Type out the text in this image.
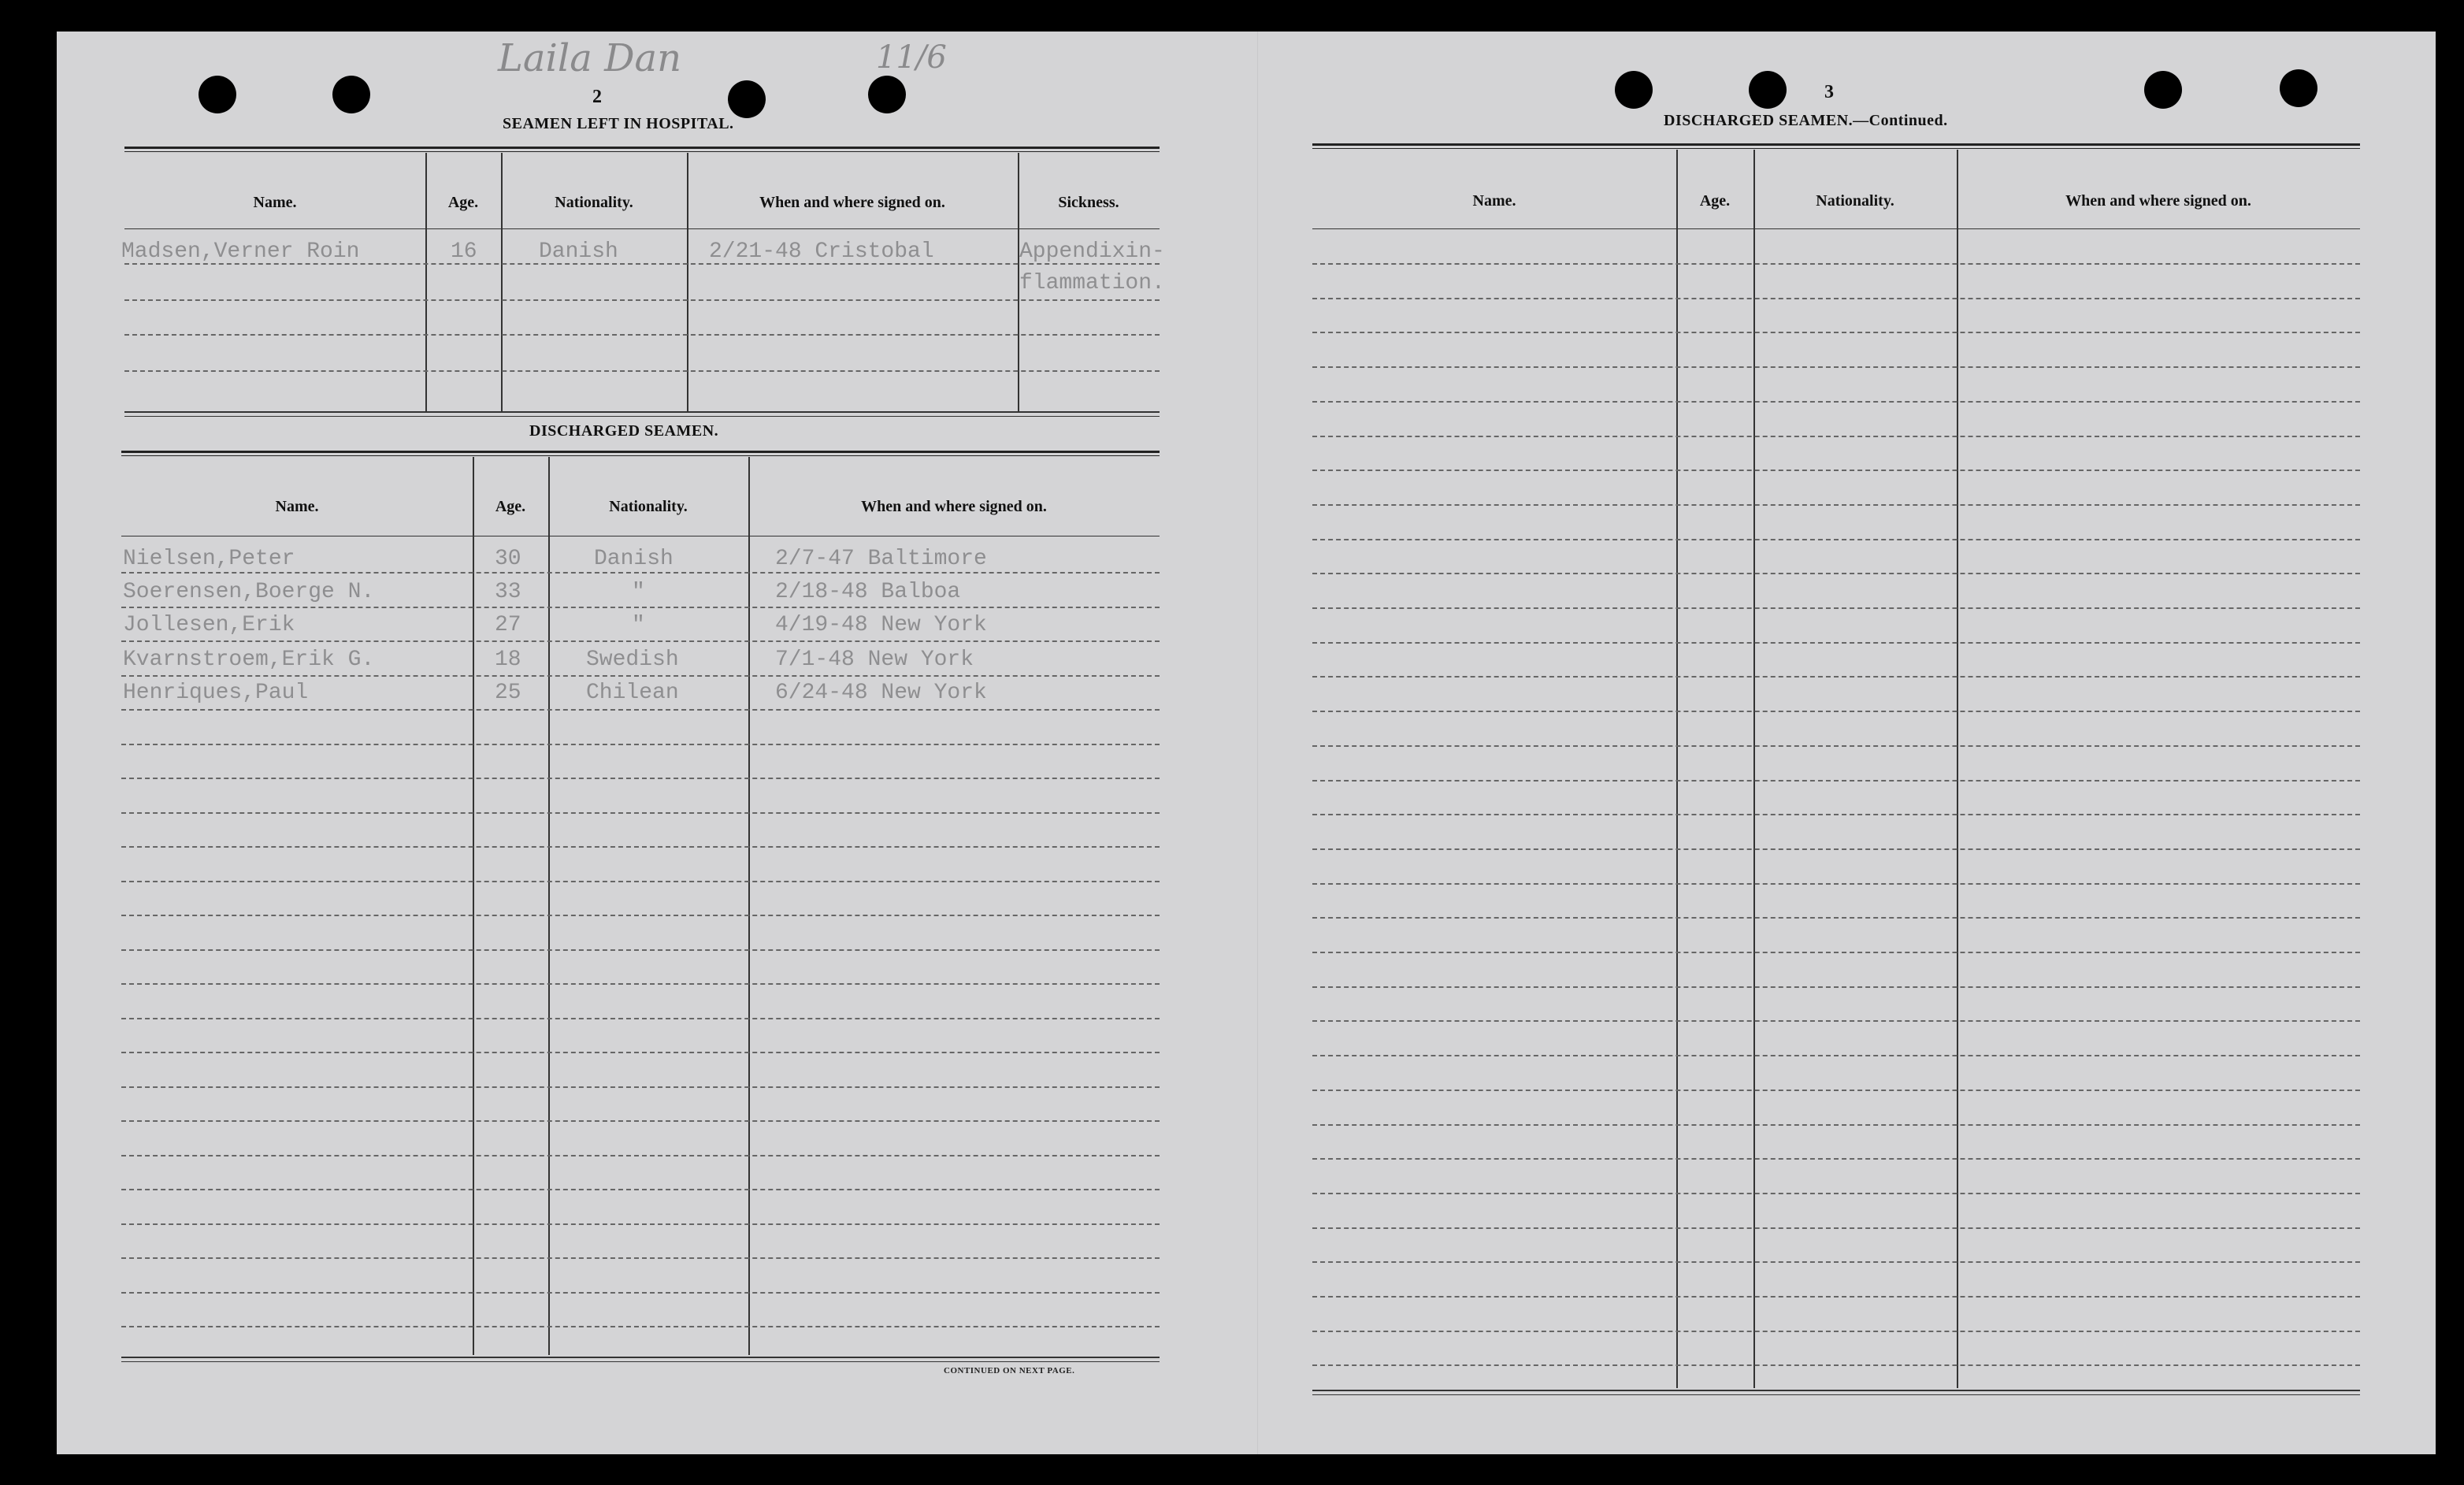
Laila Dan	11/6
2
SEAMEN LEFT IN HOSPITAL.
Name.	Age.	Nationality.	When and where signed on.	Sickness.
Madsen,Verner Roin	16	Danish	2/21-48 Cristobal	Appendixin-
flammation.
DISCHARGED SEAMEN.
Name.	Age.	Nationality.	When and where signed on.
Nielsen,Peter	30	Danish	2/7-47 Baltimore
Soerensen,Boerge N.	33	"	2/18-48 Balboa
Jollesen,Erik	27	"	4/19-48 New York
Kvarnstroem,Erik G.	18	Swedish	7/1-48 New York
Henriques,Paul	25	Chilean	6/24-48 New York
CONTINUED ON NEXT PAGE.
3
DISCHARGED SEAMEN.—Continued.
Name.	Age.	Nationality.	When and where signed on.
